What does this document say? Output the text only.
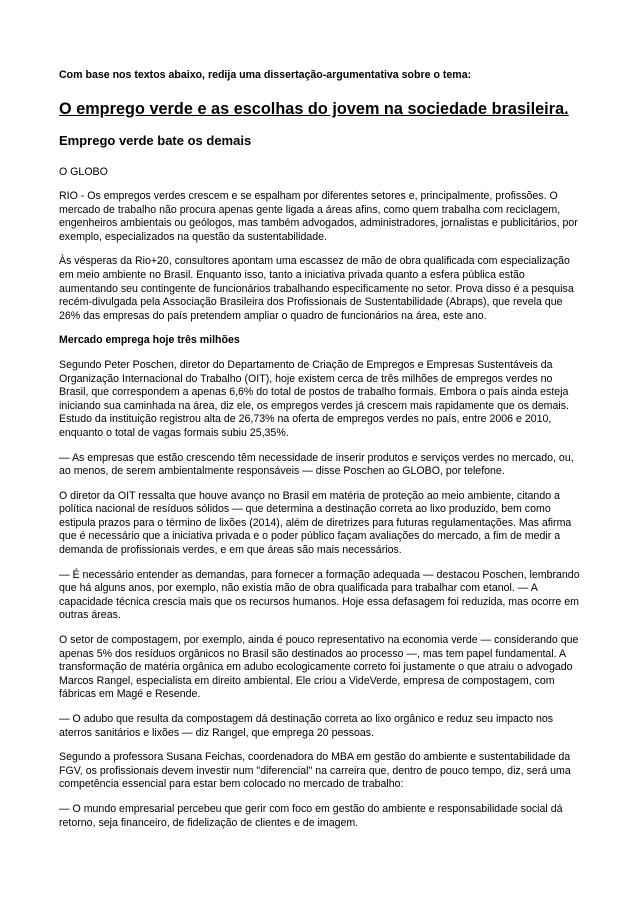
Com base nos textos abaixo, redija uma dissertação-argumentativa sobre o tema:
O emprego verde e as escolhas do jovem na sociedade brasileira.
Emprego verde bate os demais
O GLOBO

RIO - Os empregos verdes crescem e se espalham por diferentes setores e, principalmente, profissões. O mercado de trabalho não procura apenas gente ligada a áreas afins, como quem trabalha com reciclagem, engenheiros ambientais ou geólogos, mas também advogados, administradores, jornalistas e publicitários, por exemplo, especializados na questão da sustentabilidade.

Às vésperas da Rio+20, consultores apontam uma escassez de mão de obra qualificada com especialização em meio ambiente no Brasil. Enquanto isso, tanto a iniciativa privada quanto a esfera pública estão aumentando seu contingente de funcionários trabalhando especificamente no setor. Prova disso é a pesquisa recém-divulgada pela Associação Brasileira dos Profissionais de Sustentabilidade (Abraps), que revela que 26% das empresas do país pretendem ampliar o quadro de funcionários na área, este ano.

Mercado emprega hoje três milhões

Segundo Peter Poschen, diretor do Departamento de Criação de Empregos e Empresas Sustentáveis da Organização Internacional do Trabalho (OIT), hoje existem cerca de três milhões de empregos verdes no Brasil, que correspondem a apenas 6,6% do total de postos de trabalho formais. Embora o país ainda esteja iniciando sua caminhada na área, diz ele, os empregos verdes já crescem mais rapidamente que os demais. Estudo da instituição registrou alta de 26,73% na oferta de empregos verdes no país, entre 2006 e 2010, enquanto o total de vagas formais subiu 25,35%.

— As empresas que estão crescendo têm necessidade de inserir produtos e serviços verdes no mercado, ou, ao menos, de serem ambientalmente responsáveis — disse Poschen ao GLOBO, por telefone.

O diretor da OIT ressalta que houve avanço no Brasil em matéria de proteção ao meio ambiente, citando a política nacional de resíduos sólidos — que determina a destinação correta ao lixo produzido, bem como estipula prazos para o término de lixões (2014), além de diretrizes para futuras regulamentações. Mas afirma que é necessário que a iniciativa privada e o poder público façam avaliações do mercado, a fim de medir a demanda de profissionais verdes, e em que áreas são mais necessários.

— É necessário entender as demandas, para fornecer a formação adequada — destacou Poschen, lembrando que há alguns anos, por exemplo, não existia mão de obra qualificada para trabalhar com etanol. — A capacidade técnica crescia mais que os recursos humanos. Hoje essa defasagem foi reduzida, mas ocorre em outras áreas.

O setor de compostagem, por exemplo, ainda é pouco representativo na economia verde — considerando que apenas 5% dos resíduos orgânicos no Brasil são destinados ao processo —, mas tem papel fundamental. A transformação de matéria orgânica em adubo ecologicamente correto foi justamente o que atraiu o advogado Marcos Rangel, especialista em direito ambiental. Ele criou a VideVerde, empresa de compostagem, com fábricas em Magé e Resende.

— O adubo que resulta da compostagem dá destinação correta ao lixo orgânico e reduz seu impacto nos aterros sanitários e lixões — diz Rangel, que emprega 20 pessoas.

Segundo a professora Susana Feichas, coordenadora do MBA em gestão do ambiente e sustentabilidade da FGV, os profissionais devem investir num "diferencial" na carreira que, dentro de pouco tempo, diz, será uma competência essencial para estar bem colocado no mercado de trabalho:

— O mundo empresarial percebeu que gerir com foco em gestão do ambiente e responsabilidade social dá retorno, seja financeiro, de fidelização de clientes e de imagem.
